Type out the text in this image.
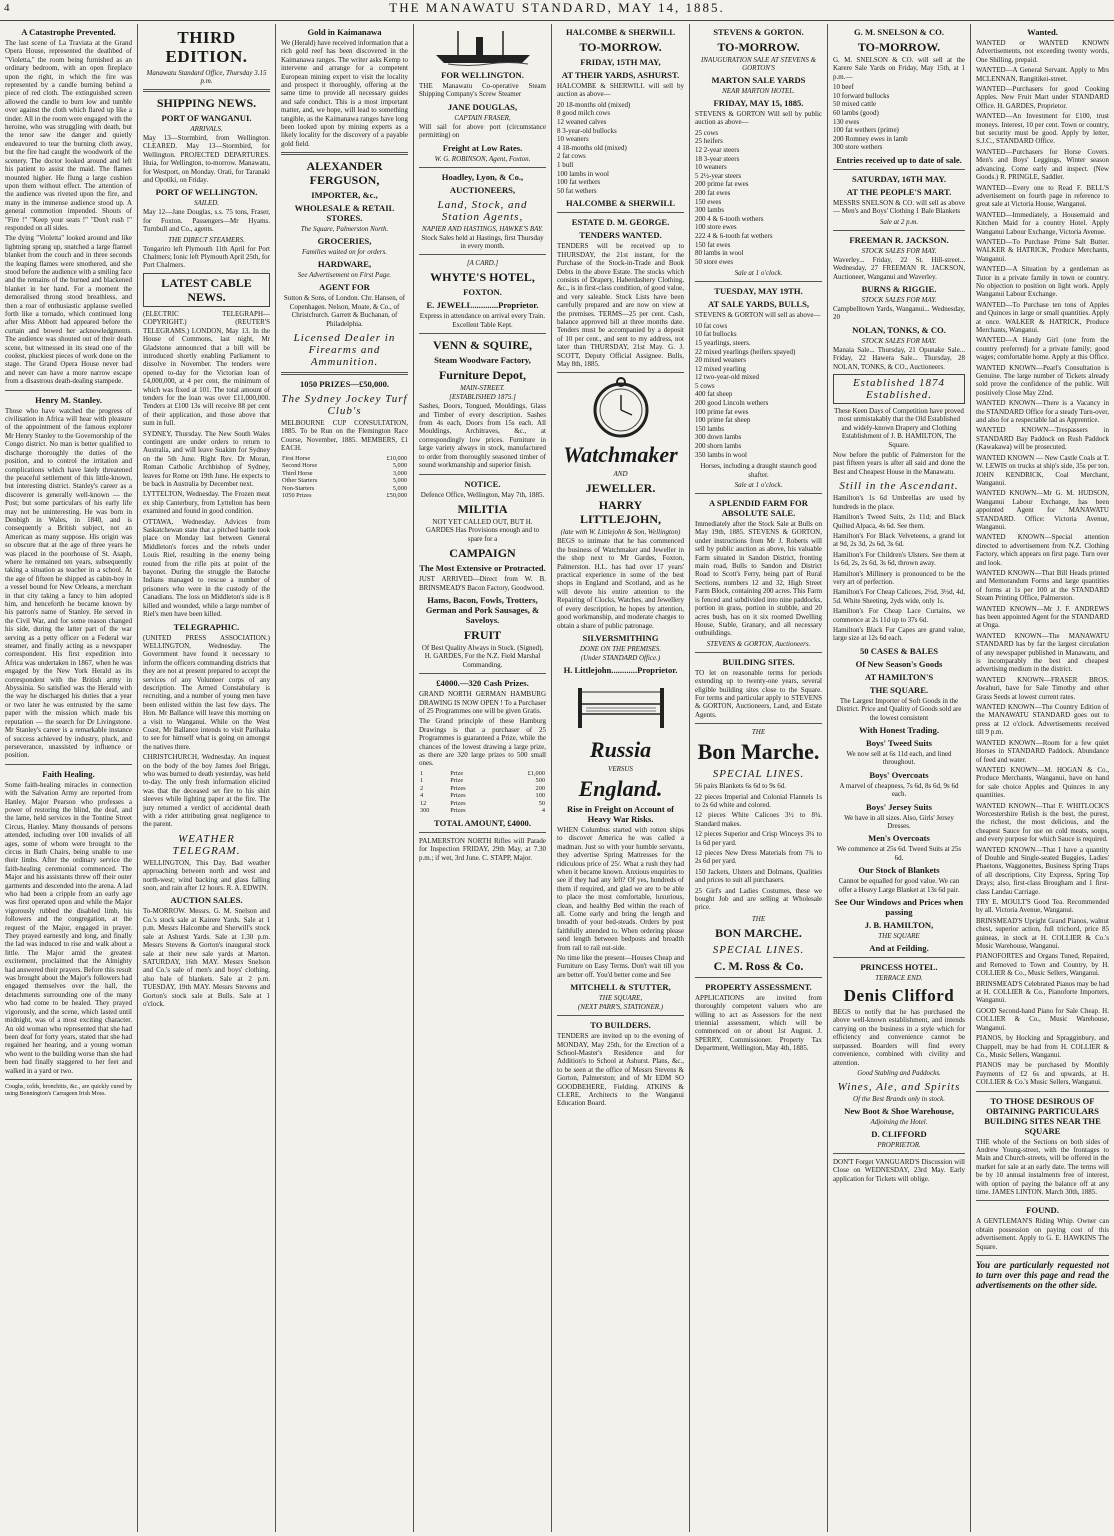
4	THE MANAWATU STANDARD, MAY 14, 1885.
A Catastrophe Prevented.

The last scene of La Traviata at the Grand Opera House, represented the deathbed of "Violetta," the room being furnished as an ordinary bedroom, with an open fireplace upon the right, in which the fire was represented by a candle burning behind a piece of red cloth. The extinguished screen allowed the candle to burn low and tumble over against the cloth which flared up like a tinder. All in the room were engaged with the heroine, who was struggling with death, but the tenor saw the danger and quietly endeavored to tear the burning cloth away, but the fire had caught the woodwork of the scenery. The doctor looked around and left his patient to assist the maid. The flames mounted higher. He flung a large cushion upon them without effect. The attention of the audience was riveted upon the fire, and many in the immense audience stood up. A general commotion impended. Shouts of "Fire !" "Keep your seats !" "Don't rush !" responded on all sides.

The dying "Violetta" looked around and like lightning sprang up, snatched a large flannel blanket from the couch and in three seconds the leaping flames were smothered, and she stood before the audience with a smiling face and the remains of the burned and blackened blanket in her hand. For a moment the demoralised throng stood breathless, and then a roar of enthusiastic applause swelled forth like a tornado, which continued long after Miss Abbott had appeared before the curtain and bowed her acknowledgments. The audience was shouted out of their death scene, but witnessed in its stead one of the coolest, pluckiest pieces of work done on the stage. The Grand Opera House never had and never can have a more narrow escape from a disastrous death-dealing stampede.

Henry M. Stanley.

Those who have watched the progress of civilisation in Africa will hear with pleasure of the appointment of the famous explorer Mr Henry Stanley to the Governorship of the Congo district. No man is better qualified to discharge thoroughly the duties of the position, and to control the irritation and complications which have lately threatened the peaceful settlement of this little-known, but interesting district. Stanley's career as a discoverer is generally well-known — the Post; but some particulars of his early life may not be uninteresting. He was born in Denbigh in Wales, in 1840, and is consequently a British subject, not an American as many suppose. His origin was so obscure that at the age of three years he was placed in the poorhouse of St. Asaph, where he remained ten years, subsequently taking a situation as teacher in a school. At the age of fifteen he shipped as cabin-boy in a vessel bound for New Orleans, a merchant in that city taking a fancy to him adopted him, and henceforth he became known by his patron's name of Stanley. He served in the Civil War, and for some reason changed his side, during the latter part of the war serving as a petty officer on a Federal war steamer, and finally acting as a newspaper correspondent. His first expedition into Africa was undertaken in 1867, when he was engaged by the New York Herald as its correspondent with the British army in Abyssinia. So satisfied was the Herald with the way he discharged his duties that a year or two later he was entrusted by the same paper with the mission which made his reputation — the search for Dr Livingstone. Mr Stanley's career is a remarkable instance of success achieved by industry, pluck, and perseverance, unassisted by influence or position.

Faith Healing.

Some faith-healing miracles in connection with the Salvation Army are reported from Hanley. Major Pearson who professes a power of restoring the blind, the deaf, and the lame, held services in the Tontine Street Circus, Hanley. Many thousands of persons attended, including over 100 invalids of all ages, some of whom were brought to the circus in Bath Chairs, being unable to use their limbs. After the ordinary service the faith-healing ceremonial commenced. The Major and his assistants threw off their outer garments and descended into the arena. A lad who had been a cripple from an early age was first operated upon and while the Major vigorously rubbed the disabled limb, his followers and the congregation, at the request of the Major, engaged in prayer. They prayed earnestly and long, and finally the lad was induced to rise and walk about a little. The Major amid the greatest excitement, proclaimed that the Almighty had answered their prayers. Before this result was brought about the Major's followers had engaged themselves over the hall, the detachments surrounding one of the many who had come to be healed. They prayed vigorously, and the scene, which lasted until midnight, was of a most exciting character. An old woman who represented that she had been deaf for forty years, stated that she had regained her hearing, and a young woman who went to the building worse than she had been had finally staggered to her feet and walked in a yard or two.

Coughs, colds, bronchitis, &c., are quickly cured by using Bonnington's Carrageen Irish Moss.

THIRD EDITION.
Manawatu Standard Office, Thursday 3.15 p.m.
SHIPPING NEWS.
PORT OF WANGANUI.
ARRIVALS.

May 13—Stormbird, from Wellington. CLEARED. May 13—Stormbird, for Wellington. PROJECTED DEPARTURES. Huia, for Wellington, to-morrow. Manawatu, for Westport, on Monday. Orati, for Taranaki and Opotiki, on Friday.

PORT OF WELLINGTON.
SAILED.

May 12—Jane Douglas, s.s. 75 tons, Fraser, for Foxton. Passengers—Mr Hyams. Turnbull and Co., agents.

THE DIRECT STEAMERS.

Tongariro left Plymouth 11th April for Port Chalmers; Ionic left Plymouth April 25th, for Port Chalmers.

LATEST CABLE NEWS.

(ELECTRIC TELEGRAPH—COPYRIGHT.) (REUTER'S TELEGRAMS.) LONDON, May 13. In the House of Commons, last night, Mr Gladstone announced that a bill will be introduced shortly enabling Parliament to dissolve in November. The tenders were opened to-day for the Victorian loan of £4,000,000, at 4 per cent, the minimum of which was fixed at 101. The total amount of tenders for the loan was over £11,000,000. Tenders at £100 13s will receive 88 per cent of their application, and those above that sum in full.

SYDNEY, Thursday. The New South Wales contingent are under orders to return to Australia, and will leave Suakim for Sydney on the 5th June. Right Rev. Dr Moran, Roman Catholic Archbishop of Sydney, leaves for Rome on 19th June. He expects to be back in Australia by December next.

LYTTELTON, Wednesday. The Frozen meat ex ship Canterbury, from Lyttelton has been examined and found in good condition.

OTTAWA, Wednesday. Advices from Saskatchewan state that a pitched battle took place on Monday last between General Middleton's forces and the rebels under Louis Riel, resulting in the enemy being routed from the rifle pits at point of the bayonet. During the struggle the Batoche Indians managed to rescue a number of prisoners who were in the custody of the Canadians. The loss on Middleton's side is 8 killed and wounded, while a large number of Riel's men have been killed.

TELEGRAPHIC.

(UNITED PRESS ASSOCIATION.) WELLINGTON, Wednesday. The Government have found it necessary to inform the officers commanding districts that they are not at present prepared to accept the services of any Volunteer corps of any description. The Armed Constabulary is recruiting, and a number of young men have been enlisted within the last few days. The Hon. Mr Ballance will leave this morning on a visit to Wanganui. While on the West Coast, Mr Ballance intends to visit Parihaka to see for himself what is going on amongst the natives there.

CHRISTCHURCH, Wednesday. An inquest on the body of the boy James Joel Briggs, who was burned to death yesterday, was held to-day. The only fresh information elicited was that the deceased set fire to his shirt sleeves while lighting paper at the fire. The jury returned a verdict of accidental death with a rider attributing great negligence to the parent.

WEATHER TELEGRAM.

WELLINGTON, This Day. Bad weather approaching between north and west and north-west; wind backing and glass falling soon, and rain after 12 hours. R. A. EDWIN.

AUCTION SALES.

To-MORROW. Messrs. G. M. Snelson and Co.'s stock sale at Kairere Yards. Sale at 1 p.m. Messrs Halcombe and Sherwill's stock sale at Ashurst Yards. Sale at 1.30 p.m. Messrs Stevens & Gorton's inaugural stock sale at their new sale yards at Marton. SATURDAY, 16th MAY. Messrs Snelson and Co.'s sale of men's and boys' clothing, also bale of blankets. Sale at 2 p.m. TUESDAY, 19th MAY. Messrs Stevens and Gorton's stock sale at Bulls. Sale at 1 o'clock.

Gold in Kaimanawa

We (Herald) have received information that a rich gold reef has been discovered in the Kaimanawa ranges. The writer asks Kemp to intervene and arrange for a competent European mining expert to visit the locality and prospect it thoroughly, offering at the same time to provide all necessary guides and safe conduct. This is a most important matter, and, we hope, will lead to something tangible, as the Kaimanawa ranges have long been looked upon by mining experts as a likely locality for the discovery of a payable gold field.

ALEXANDER FERGUSON,
IMPORTER, &c.,
WHOLESALE & RETAIL STORES.
The Square, Palmerston North.
GROCERIES,
Families waited on for orders.
HARDWARE,
See Advertisement on First Page.
AGENT FOR

Sutton & Sons, of London. Chr. Hansen, of Copenhagen. Nelson, Moate, & Co., of Christchurch. Garrett & Buchanan, of Philadelphia.

Licensed Dealer in Firearms and Ammunition.
1050 PRIZES—£50,000.
The Sydney Jockey Turf Club's

MELBOURNE CUP CONSULTATION, 1885. To be Run on the Flemington Race Course, November, 1885. MEMBERS, £1 EACH.

First Horse	£10,000
Second Horse	5,000
Third Horse	3,000
Other Starters	5,000
Non-Starters	5,000
1050 Prizes	£50,000
FOR WELLINGTON.

THE Manawatu Co-operative Steam Shipping Company's Screw Steamer

JANE DOUGLAS,
CAPTAIN FRASER,

Will sail for above port (circumstance permitting) on

Freight at Low Rates.
W. G. ROBINSON, Agent, Foxton.
Hoadley, Lyon, & Co.,
AUCTIONEERS,
Land, Stock, and Station Agents,
NAPIER AND HASTINGS, HAWKE'S BAY.

Stock Sales held at Hastings, first Thursday in every month.

[A CARD.]
WHYTE'S HOTEL,
FOXTON.
E. JEWELL............Proprietor.

Express in attendance on arrival every Train. Excellent Table Kept.

VENN & SQUIRE,
Steam Woodware Factory,
Furniture Depot,
MAIN-STREET.
[ESTABLISHED 1875.]

Sashes, Doors, Tongued, Mouldings, Glass and Timber of every description. Sashes from 4s each, Doors from 15s each. All Mouldings, Architraves, &c., at correspondingly low prices. Furniture in large variety always in stock, manufactured to order from thoroughly seasoned timber of sound workmanship and superior finish.

NOTICE.

Defence Office, Wellington, May 7th, 1885.

MILITIA

NOT YET CALLED OUT, BUT H. GARDES Has Provisions enough and to spare for a

CAMPAIGN
The Most Extensive or Protracted.

JUST ARRIVED—Direct from W. B. BRINSMEAD'S Bacon Factory, Goodwood.

Hams, Bacon, Fowls, Trotters, German and Pork Sausages, & Saveloys.
FRUIT

Of Best Quality Always in Stock. (Signed), H. GARDES, For the N.Z. Field Marshal Commanding.

£4000.—320 Cash Prizes.

GRAND NORTH GERMAN HAMBURG DRAWING IS NOW OPEN ! To a Purchaser of 25 Programmes one will be given Gratis.

The Grand principle of these Hamburg Drawings is that a purchaser of 25 Programmes is guaranteed a Prize, while the chances of the lowest drawing a large prize, as there are 320 large prizes to 500 small ones.

1	Prize	£1,000
1	Prize	500
2	Prizes	200
4	Prizes	100
12	Prizes	50
300	Prizes	4
TOTAL AMOUNT, £4000.

PALMERSTON NORTH Rifles will Parade for Inspection FRIDAY, 29th May, at 7.30 p.m.; if wet, 3rd June. C. STAPP, Major.

HALCOMBE & SHERWILL
TO-MORROW.
FRIDAY, 15TH MAY,
AT THEIR YARDS, ASHURST.

HALCOMBE & SHERWILL will sell by auction as above—

20 18-months old (mixed)
8 good milch cows
12 weaned calves
8 3-year-old bullocks
10 weaners
4 18-months old (mixed)
2 fat cows
1 bull
100 lambs in wool
100 fat wethers
50 fat wethers
HALCOMBE & SHERWILL
ESTATE D. M. GEORGE.
TENDERS WANTED.

TENDERS will be received up to THURSDAY, the 21st instant, for the Purchase of the Stock-in-Trade and Book Debts in the above Estate. The stocks which consists of Drapery, Haberdashery Clothing, &c., is in first-class condition, of good value, and very saleable. Stock Lists have been carefully prepared and are now on view at the premises. TERMS—25 per cent. Cash, balance approved bill at three months date. Tenders must be accompanied by a deposit of 10 per cent., and sent to my address, not later than THURSDAY, 21st May. G. J. SCOTT, Deputy Official Assignee. Bulls, May 8th, 1885.

Watchmaker
AND
JEWELLER.
HARRY LITTLEJOHN,
(late with W. Littlejohn & Son, Wellington)

BEGS to intimate that he has commenced the business of Watchmaker and Jeweller in the shop next to Mr Gardes, Foxton, Palmerston. H.L. has had over 17 years' practical experience in some of the best shops in England and Scotland, and as he will devote his entire attention to the Repairing of Clocks, Watches, and Jewellery of every description, he hopes by attention, good workmanship, and moderate charges to obtain a share of public patronage.

SILVERSMITHING
DONE ON THE PREMISES.
(Under STANDARD Office.)
H. Littlejohn............Proprietor.
Russia
VERSUS
England.
Rise in Freight on Account of Heavy War Risks.

WHEN Columbus started with rotten ships to discover America he was called a madman. Just so with your humble servants, they advertise Spring Mattresses for the ridiculous price of 25/. What a rush they had when it became known. Anxious enquiries to see if they had any left? Of yes, hundreds of them if required, and glad we are to be able to place the most comfortable, luxurious, clean, and healthy Bed within the reach of all. Come early and bring the length and breadth of your bed-steads. Orders by post faithfully attended to. When ordering please send length between bedposts and breadth from rail to rail out-side.

No time like the present—Houses Cheap and Furniture on Easy Terms. Don't wait till you are better off. You'd better come and See

MITCHELL & STUTTER,
THE SQUARE,
(NEXT PARR'S, STATIONER.)
TO BUILDERS.

TENDERS are invited up to the evening of MONDAY, May 25th, for the Erection of a School-Master's Residence and for Addition's to School at Ashurst. Plans, &c., to be seen at the office of Messrs Stevens & Gorton, Palmerston; and of Mr EDM SO GOODBEHERE, Fielding. ATKINS & CLERE, Architects to the Wanganui Education Board.

STEVENS & GORTON.
TO-MORROW.
INAUGURATION SALE AT STEVENS & GORTON'S
MARTON SALE YARDS
NEAR MARTON HOTEL.
FRIDAY, MAY 15, 1885.

STEVENS & GORTON Will sell by public auction as above—

25 cows
25 heifers
12 2-year steers
18 3-year steers
10 weaners
5 2½-year steers
200 prime fat ewes
200 fat ewes
150 ewes
300 lambs
200 4 & 6-tooth wethers
100 store ewes
222 4 & 6-tooth fat wethers
150 fat ewes
80 lambs in wool
50 store ewes
Sale at 1 o'clock.
TUESDAY, MAY 19TH.
AT SALE YARDS, BULLS,

STEVENS & GORTON will sell as above—

10 fat cows
10 fat bullocks
15 yearlings, steers.
22 mixed yearlings (heifers spayed)
20 mixed weaners
12 mixed yearling
12 two-year-old mixed
5 cows
400 fat sheep
200 good Lincoln wethers
100 prime fat ewes
100 prime fat sheep
150 lambs
300 down lambs
200 shorn lambs
350 lambs in wool

Horses, including a draught staunch good shafter.

Sale at 1 o'clock.
A SPLENDID FARM FOR ABSOLUTE SALE.

Immediately after the Stock Sale at Bulls on May 19th, 1885. STEVENS & GORTON, under instructions from Mr J. Roberts will sell by public auction as above, his valuable Farm situated in Sandon District, fronting main road, Bulls to Sandon and District Road to Scott's Ferry, being part of Rural Sections, numbers 12 and 32, High Street Farm Block, containing 200 acres. This Farm is fenced and subdivided into nine paddocks, portion in grass, portion in stubble, and 20 acres bush, has on it six roomed Dwelling House, Stable, Granary, and all necessary outbuildings.

STEVENS & GORTON, Auctioneers.
BUILDING SITES.

TO let on reasonable terms for periods extending up to twenty-one years, several eligible building sites close to the Square. For terms and particular apply to STEVENS & GORTON, Auctioneers, Land, and Estate Agents.

THE
Bon Marche.
SPECIAL LINES.

56 pairs Blankets 6s 6d to 9s 6d.

22 pieces Imperial and Colonial Flannels 1s to 2s 6d white and colored.

12 pieces White Calicoes 3½ to 8¾. Standard makes.

12 pieces Superior and Crisp Winceys 3¼ to 1s 6d per yard.

12 pieces New Dress Materials from 7¾ to 2s 6d per yard.

150 Jackets, Ulsters and Dolmans, Qualities and prices to suit all purchasers.

25 Girl's and Ladies Costumes, these we bought Job and are selling at Wholesale price.

THE
BON MARCHE.
SPECIAL LINES.
C. M. Ross & Co.
PROPERTY ASSESSMENT.

APPLICATIONS are invited from thoroughly competent valuers who are willing to act as Assessors for the next triennial assessment, which will be commenced on or about 1st August. J. SPERRY, Commissioner. Property Tax Department, Wellington, May 4th, 1885.

G. M. SNELSON & CO.
TO-MORROW.

G. M. SNELSON & CO. will sell at the Karere Sale Yards on Friday, May 15th, at 1 p.m.—

10 beef
10 forward bullocks
50 mixed cattle
60 lambs (good)
130 ewes
100 fat wethers (prime)
200 Romney ewes in lamb
300 store wethers
Entries received up to date of sale.
SATURDAY, 16TH MAY.
AT THE PEOPLE'S MART.

MESSRS SNELSON & CO. will sell as above— Men's and Boys' Clothing 1 Bale Blankets

Sale at 2 p.m.
FREEMAN R. JACKSON.
STOCK SALES FOR MAY.

Waverley... Friday, 22 St. Hill-street... Wednesday, 27 FREEMAN R. JACKSON, Auctioneer, Wanganui and Waverley.

BURNS & RIGGIE.
STOCK SALES FOR MAY.

Campbelltown Yards, Wanganui... Wednesday, 20

NOLAN, TONKS, & CO.
STOCK SALES FOR MAY.

Manaia Sale... Thursday, 21 Opunake Sale... Friday, 22 Hawera Sale... Thursday, 28 NOLAN, TONKS, & CO., Auctioneers.

Established 1874 Established.

These Keen Days of Competition have proved most unmistakably that the Old Established and widely-known Drapery and Clothing Establishment of J. B. HAMILTON, The Square.

Now before the public of Palmerston for the past fifteen years is after all said and done the Best and Cheapest House in the Manawatu.

Still in the Ascendant.

Hamilton's 1s 6d Umbrellas are used by hundreds in the place.

Hamilton's Tweed Suits, 2s 11d; and Black Quilted Alpaca, 4s 6d. See them.

Hamilton's For Black Velveteens, a grand lot at 9d, 2s 3d, 2s 6d, 3s 6d.

Hamilton's For Children's Ulsters. See them at 1s 6d, 2s, 2s 6d, 3s 6d, thrown away.

Hamilton's Millinery is pronounced to be the very art of perfection.

Hamilton's For Cheap Calicoes, 2½d, 3½d, 4d, 5d. White Sheeting, 2yds wide, only 1s.

Hamilton's For Cheap Lace Curtains, we commence at 2s 11d up to 37s 6d.

Hamilton's Black Fur Capes are grand value, large size at 12s 6d each.

50 CASES & BALES
Of New Season's Goods
AT HAMILTON'S
THE SQUARE.

The Largest Importer of Soft Goods in the District. Price and Quality of Goods sold are the lowest consistent

With Honest Trading.
Boys' Tweed Suits

We now sell at 6s 11d each, and lined throughout.

Boys' Overcoats

A marvel of cheapness, 7s 6d, 8s 6d, 9s 6d each.

Boys' Jersey Suits

We have in all sizes. Also, Girls' Jersey Dresses.

Men's Overcoats

We commence at 25s 6d. Tweed Suits at 25s 6d.

Our Stock of Blankets

Cannot be equalled for good value. We can offer a Heavy Large Blanket at 13s 6d pair.

See Our Windows and Prices when passing
J. B. HAMILTON,
THE SQUARE
And at Feilding.
PRINCESS HOTEL.
TERRACE END.
Denis Clifford

BEGS to notify that he has purchased the above well-known establishment, and intends carrying on the business in a style which for efficiency and convenience cannot be surpassed. Boarders will find every convenience, combined with civility and attention.

Good Stabling and Paddocks.
Wines, Ale, and Spirits
Of the Best Brands only in stock.
New Boot & Shoe Warehouse,
Adjoining the Hotel.
D. CLIFFORD
PROPRIETOR.

DON'T Forget VANGUARD'S Discussion will Close on WEDNESDAY, 23rd May. Early application for Tickets will oblige.

Wanted.

WANTED or WANTED KNOWN Advertisements, not exceeding twenty words, One Shilling, prepaid.

WANTED—A General Servant. Apply to Mrs MCLENNAN, Rangitikei-street.

WANTED—Purchasers for good Cooking Apples. New Fruit Mart under STANDARD Office. H. GARDES, Proprietor.

WANTED—An Investment for £100, trust moneys. Interest, 10 per cent. Town or country, but security must be good. Apply by letter, S.J.C., STANDARD Office.

WANTED—Purchasers for Horse Covers. Men's and Boys' Leggings, Winter season advancing. Come early and inspect. (New Goods.) R. PRINGLE, Saddler.

WANTED—Every one to Read F. BELL'S advertisement on fourth page in reference to great sale at Victoria House, Wanganui.

WANTED—Immediately, a Housemaid and Kitchen Maid for a country Hotel. Apply Wanganui Labour Exchange, Victoria Avenue.

WANTED—To Purchase Prime Salt Butter. WALKER & HATRICK, Produce Merchants, Wanganui.

WANTED—A Situation by a gentleman as Tutor in a private family in town or country. No objection to position on light work. Apply Wanganui Labour Exchange.

WANTED—To Purchase ten tons of Apples and Quinces in large or small quantities. Apply at once. WALKER & HATRICK, Produce Merchants, Wanganui.

WANTED—A Handy Girl (one from the country preferred) for a private family; good wages; comfortable home. Apply at this Office.

WANTED KNOWN—Pearl's Consultation is Genuine. The large number of Tickets already sold prove the confidence of the public. Will positively Close May 22nd.

WANTED KNOWN—There is a Vacancy in the STANDARD Office for a steady Turn-over, and also for a respectable lad as Apprentice.

WANTED KNOWN—Trespassers in STANDARD Bay Paddock on Rush Paddock (Kawakawa) will be prosecuted.

WANTED KNOWN — New Castle Coals at T. W. LEWIS on trucks at ship's side, 35s per ton. JOHN KENDRICK, Coal Merchant, Wanganui.

WANTED KNOWN—Mr G. M. HUDSON, Wanganui Labour Exchange, has been appointed Agent for MANAWATU STANDARD. Office: Victoria Avenue, Wanganui.

WANTED KNOWN—Special attention directed to advertisement from N.Z. Clothing Factory, which appears on first page. Turn over and look.

WANTED KNOWN—That Bill Heads printed and Memorandum Forms and large quantities of forms at 1s per 100 at the STANDARD Steam Printing Office, Palmerston.

WANTED KNOWN—Mr J. F. ANDREWS has been appointed Agent for the STANDARD at Onga.

WANTED KNOWN—The MANAWATU STANDARD has by far the largest circulation of any newspaper published in Manawatu, and is incomparably the best and cheapest advertising medium in the district.

WANTED KNOWN—FRASER BROS. Awahuri, have for Sale Timothy and other Grass Seeds at lowest current rates.

WANTED KNOWN—The Country Edition of the MANAWATU STANDARD goes out to press at 12 o'clock. Advertisements received till 9 p.m.

WANTED KNOWN—Room for a few quiet Horses in STANDARD Paddock. Abundance of feed and water.

WANTED KNOWN—M. HOGAN & Co., Produce Merchants, Wanganui, have on hand for sale choice Apples and Quinces in any quantities.

WANTED KNOWN—That F. WHITLOCK'S Worcestershire Relish is the best, the purest, the richest, the most delicious, and the cheapest Sauce for use on cold meats, soups, and every purpose for which Sauce is required.

WANTED KNOWN—That I have a quantity of Double and Single-seated Buggies, Ladies' Phaetons, Waggonettes, Business Spring Traps of all descriptions, City Express, Spring Top Drays; also, first-class Brougham and 1 first-class Landau Carriage.

TRY E. MOULT'S Good Tea. Recommended by all. Victoria Avenue, Wanganui.

BRINSMEAD'S Upright Grand Pianos, walnut chest, superior action, full trichord, price 85 guineas, in stock at H. COLLIER & Co.'s Music Warehouse, Wanganui.

PIANOFORTES and Organs Tuned, Repaired, and Removed to Town and Country, by H. COLLIER & Co., Music Sellers, Wanganui.

BRINSMEAD'S Celebrated Pianos may be had at H. COLLIER & Co., Pianoforte Importers, Wanganui.

GOOD Second-hand Piano for Sale Cheap. H. COLLIER & Co., Music Warehouse, Wanganui.

PIANOS, by Hocking and Spragginbury, and Chappell, may be had from H. COLLIER & Co., Music Sellers, Wanganui.

PIANOS may be purchased by Monthly Payments of £2 6s and upwards, at H. COLLIER & Co.'s Music Sellers, Wanganui.

TO THOSE DESIROUS OF OBTAINING PARTICULARS BUILDING SITES NEAR THE SQUARE

THE whole of the Sections on both sides of Andrew Young-street, with the frontages to Main and Church-streets, will be offered in the market for sale at an early date. The terms will be by 10 annual instalments free of interest, with option of paying the balance off at any time. JAMES LINTON. March 30th, 1885.

FOUND.

A GENTLEMAN'S Riding Whip. Owner can obtain possession on paying cost of this advertisement. Apply to G. E. HAWKINS The Square.

You are particularly requested not to turn over this page and read the advertisements on the other side.
